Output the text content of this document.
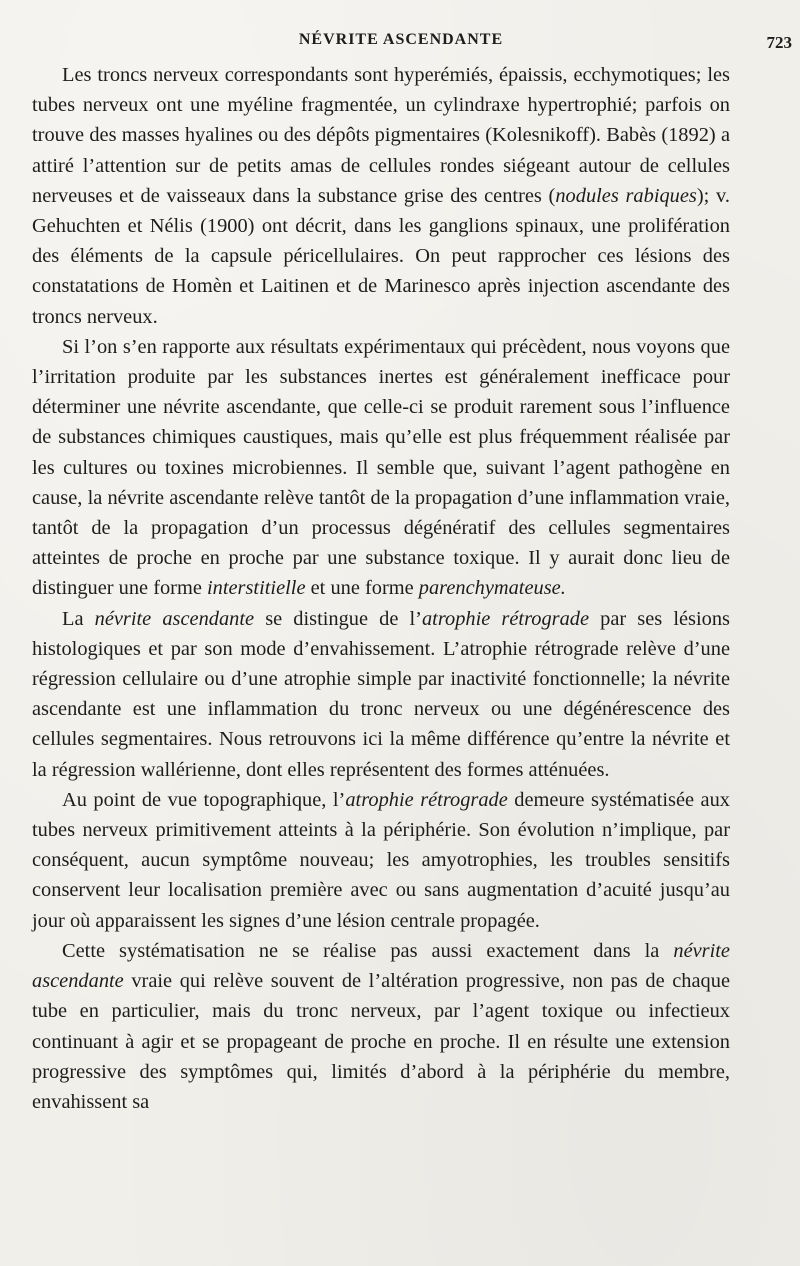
NÉVRITE ASCENDANTE	723

Les troncs nerveux correspondants sont hyperémiés, épaissis, ecchymotiques; les tubes nerveux ont une myéline fragmentée, un cylindraxe hypertrophié; parfois on trouve des masses hyalines ou des dépôts pigmentaires (Kolesnikoff). Babès (1892) a attiré l’attention sur de petits amas de cellules rondes siégeant autour de cellules nerveuses et de vaisseaux dans la substance grise des centres (nodules rabiques); v. Gehuchten et Nélis (1900) ont décrit, dans les ganglions spinaux, une prolifération des éléments de la capsule péricellulaires. On peut rapprocher ces lésions des constatations de Homèn et Laitinen et de Marinesco après injection ascendante des troncs nerveux.

Si l’on s’en rapporte aux résultats expérimentaux qui précèdent, nous voyons que l’irritation produite par les substances inertes est généralement inefficace pour déterminer une névrite ascendante, que celle-ci se produit rarement sous l’influence de substances chimiques caustiques, mais qu’elle est plus fréquemment réalisée par les cultures ou toxines microbiennes. Il semble que, suivant l’agent pathogène en cause, la névrite ascendante relève tantôt de la propagation d’une inflammation vraie, tantôt de la propagation d’un processus dégénératif des cellules segmentaires atteintes de proche en proche par une substance toxique. Il y aurait donc lieu de distinguer une forme interstitielle et une forme parenchymateuse.

La névrite ascendante se distingue de l’atrophie rétrograde par ses lésions histologiques et par son mode d’envahissement. L’atrophie rétrograde relève d’une régression cellulaire ou d’une atrophie simple par inactivité fonctionnelle; la névrite ascendante est une inflammation du tronc nerveux ou une dégénérescence des cellules segmentaires. Nous retrouvons ici la même différence qu’entre la névrite et la régression wallérienne, dont elles représentent des formes atténuées.

Au point de vue topographique, l’atrophie rétrograde demeure systématisée aux tubes nerveux primitivement atteints à la périphérie. Son évolution n’implique, par conséquent, aucun symptôme nouveau; les amyotrophies, les troubles sensitifs conservent leur localisation première avec ou sans augmentation d’acuité jusqu’au jour où apparaissent les signes d’une lésion centrale propagée.

Cette systématisation ne se réalise pas aussi exactement dans la névrite ascendante vraie qui relève souvent de l’altération progressive, non pas de chaque tube en particulier, mais du tronc nerveux, par l’agent toxique ou infectieux continuant à agir et se propageant de proche en proche. Il en résulte une extension progressive des symptômes qui, limités d’abord à la périphérie du membre, envahissent sa
